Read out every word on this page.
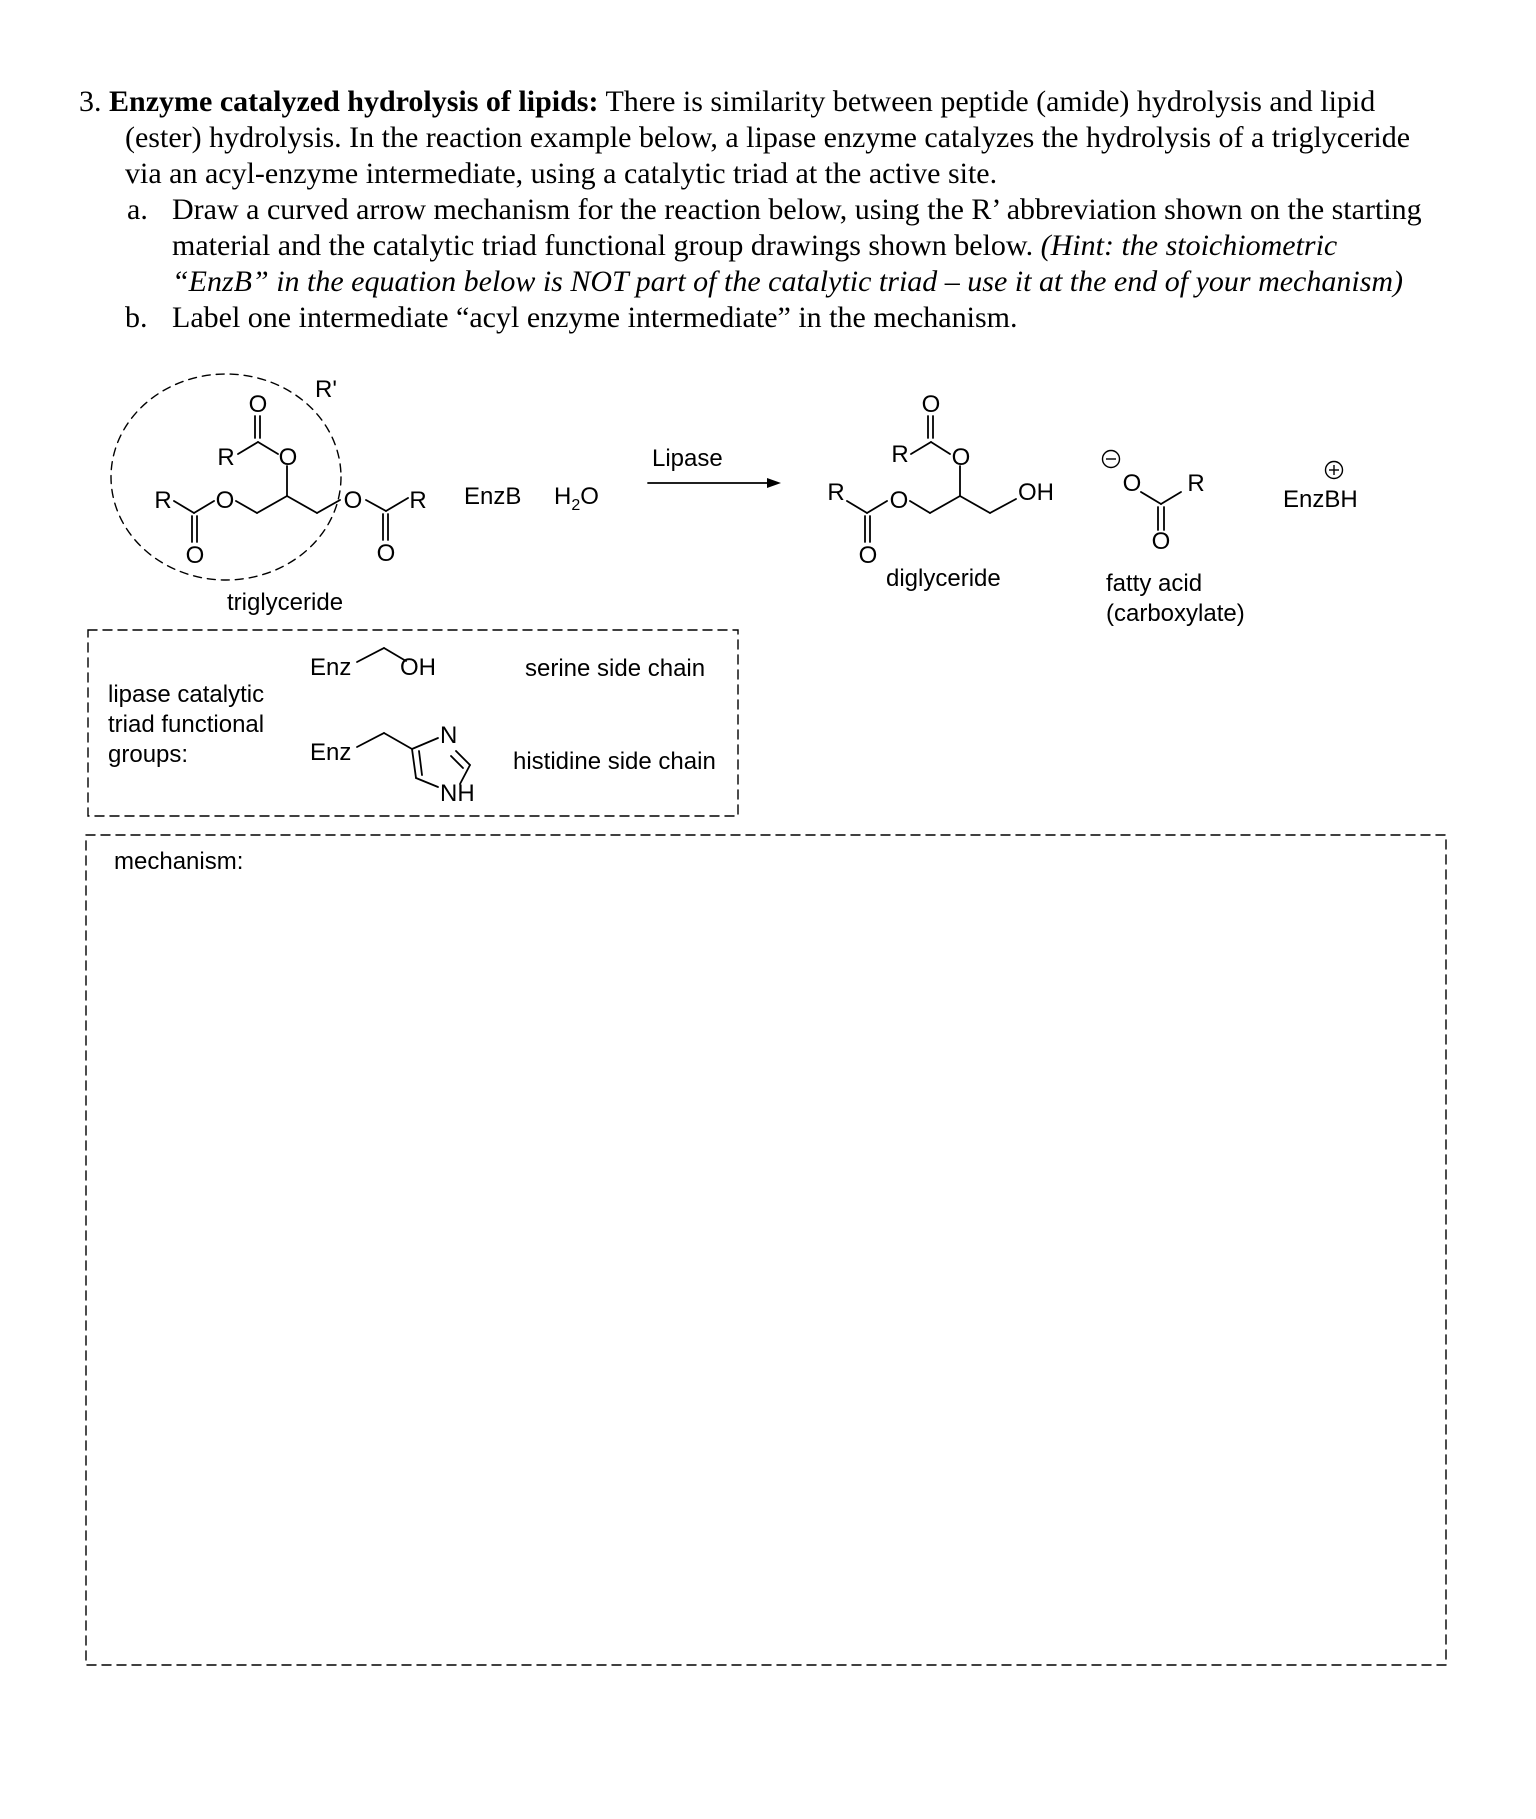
3. Enzyme catalyzed hydrolysis of lipids: There is similarity between peptide (amide) hydrolysis and lipid
(ester) hydrolysis. In the reaction example below, a lipase enzyme catalyzes the hydrolysis of a triglyceride
via an acyl-enzyme intermediate, using a catalytic triad at the active site.
a. Draw a curved arrow mechanism for the reaction below, using the R’ abbreviation shown on the starting
material and the catalytic triad functional group drawings shown below. (Hint: the stoichiometric
“EnzB” in the equation below is NOT part of the catalytic triad – use it at the end of your mechanism)
b. Label one intermediate “acyl enzyme intermediate” in the mechanism.
R O
O
O
R
O
R'
O R
O
EnzB $H_2O$	R O
O
O
R
O
OH	O R
O
EnzBH
Enz OH
Enz
N
NH
−
+
triglyceride
Lipase
diglyceride	fatty acid
(carboxylate)
lipase catalytic
triad functional
groups:
serine side chain
histidine side chain
mechanism:
